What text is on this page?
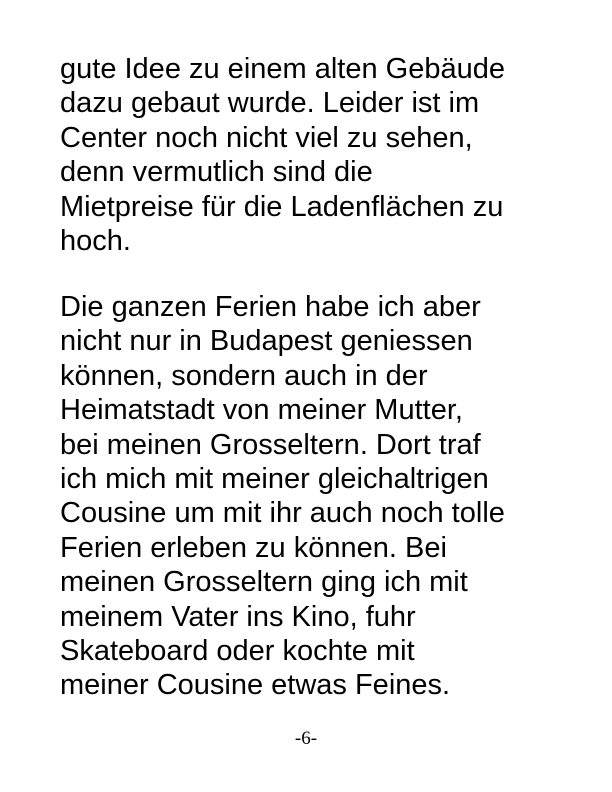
gute Idee zu einem alten Gebäude
dazu gebaut wurde. Leider ist im
Center noch nicht viel zu sehen,
denn vermutlich sind die
Mietpreise für die Ladenflächen zu
hoch.

Die ganzen Ferien habe ich aber
nicht nur in Budapest geniessen
können, sondern auch in der
Heimatstadt von meiner Mutter,
bei meinen Grosseltern. Dort traf
ich mich mit meiner gleichaltrigen
Cousine um mit ihr auch noch tolle
Ferien erleben zu können. Bei
meinen Grosseltern ging ich mit
meinem Vater ins Kino, fuhr
Skateboard oder kochte mit
meiner Cousine etwas Feines.

-6-
